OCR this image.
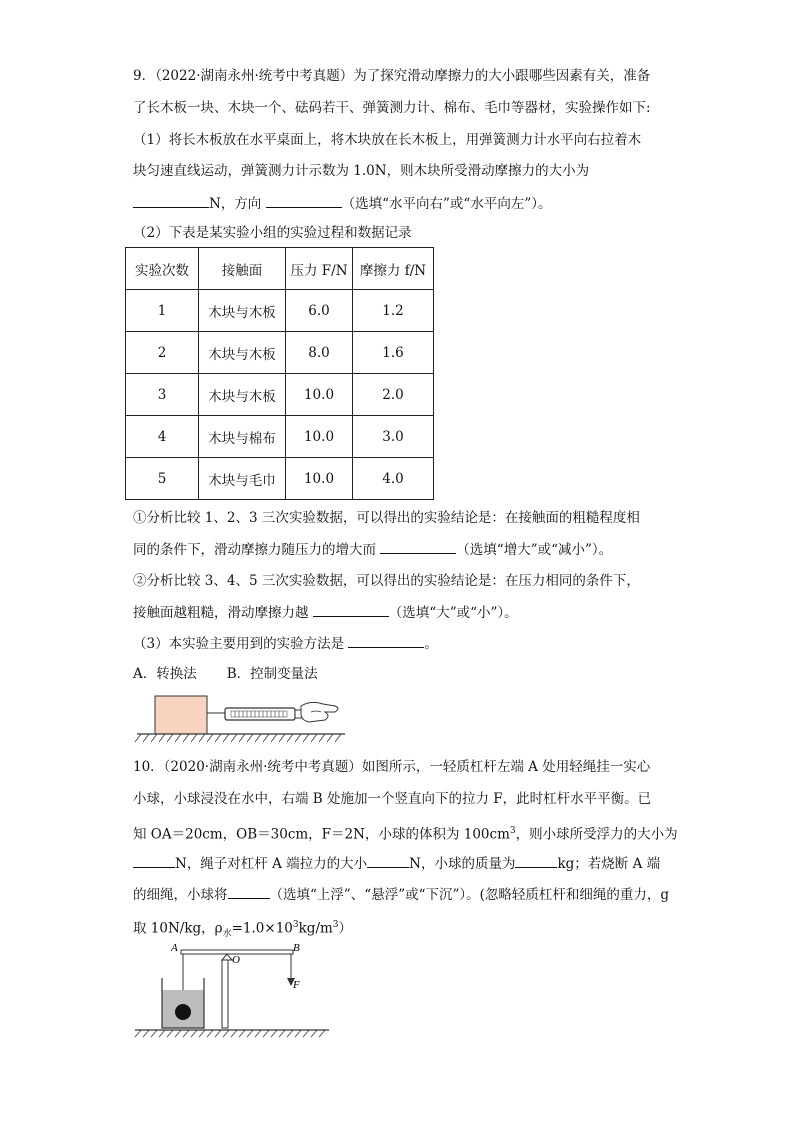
9．（2022·湖南永州·统考中考真题）为了探究滑动摩擦力的大小跟哪些因素有关，准备
了长木板一块、木块一个、砝码若干、弹簧测力计、棉布、毛巾等器材，实验操作如下:
（1）将长木板放在水平桌面上，将木块放在长木板上，用弹簧测力计水平向右拉着木
块匀速直线运动，弹簧测力计示数为 1.0N，则木块所受滑动摩擦力的大小为
N，方向	（选填“水平向右”或“水平向左”）。
（2）下表是某实验小组的实验过程和数据记录
实验次数	接触面	压力 F/N	摩擦力 f/N
1	木块与木板	6.0	1.2
2	木块与木板	8.0	1.6
3	木块与木板	10.0	2.0
4	木块与棉布	10.0	3.0
5	木块与毛巾	10.0	4.0
①分析比较 1、2、3 三次实验数据，可以得出的实验结论是：在接触面的粗糙程度相
同的条件下，滑动摩擦力随压力的增大而	（选填“增大”或“减小”）。
②分析比较 3、4、5 三次实验数据，可以得出的实验结论是：在压力相同的条件下，
接触面越粗糙，滑动摩擦力越	（选填“大”或“小”）。
（3）本实验主要用到的实验方法是	。
A．转换法 B．控制变量法
10．（2020·湖南永州·统考中考真题）如图所示，一轻质杠杆左端 A 处用轻绳挂一实心
小球，小球浸没在水中，右端 B 处施加一个竖直向下的拉力 F，此时杠杆水平平衡。已
知 OA＝20cm，OB＝30cm，F＝2N，小球的体积为 $100cm^3$，则小球所受浮力的大小为
N，绳子对杠杆 A 端拉力的大小	N，小球的质量为	kg；若烧断 A 端
的细绳，小球将	（选填“上浮”、“悬浮”或“下沉”）。(忽略轻质杠杆和细绳的重力，g
取 10N/kg，$\rho_水=1.0\times 10^3kg/m^3$）
A	B
O
F
